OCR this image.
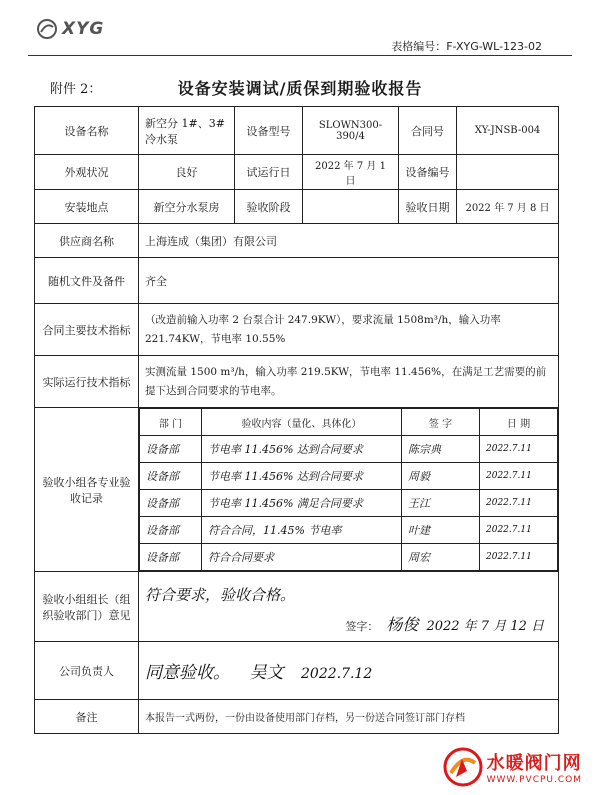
XYG
表格编号：F-XYG-WL-123-02
附件 2：	设备安装调试/质保到期验收报告
设备名称	新空分 1#、3# 冷水泵	设备型号	SLOWN300-390/4	合同号	XY-JNSB-004
外观状况	良好	试运行日	2022 年 7 月 1 日	设备编号	
安装地点	新空分水泵房	验收阶段		验收日期	2022 年 7 月 8 日
供应商名称	上海连成（集团）有限公司
随机文件及备件	齐全
合同主要技术指标	（改造前输入功率 2 台泵合计 247.9KW），要求流量 1508m³/h，输入功率 221.74KW，节电率 10.55%
实际运行技术指标	实测流量 1500 m³/h，输入功率 219.5KW，节电率 11.456%，在满足工艺需要的前提下达到合同要求的节电率。
验收小组各专业验收记录	
部 门	验收内容（量化、具体化）	签 字	日 期
设备部	节电率 11.456% 达到合同要求	陈宗典	2022.7.11
设备部	节电率 11.456% 达到合同要求	周毅	2022.7.11
设备部	节电率 11.456% 满足合同要求	王江	2022.7.11
设备部	符合合同，11.45% 节电率	叶建	2022.7.11
设备部	符合合同要求	周宏	2022.7.11

验收小组组长（组织验收部门）意见	
符合要求，验收合格。
签字： 杨俊 2022 年 7 月 12 日

公司负责人	同意验收。 吴文 2022.7.12
备注	本报告一式两份，一份由设备使用部门存档，另一份送合同签订部门存档
水暖阀门网
WWW.PVCPU.COM
